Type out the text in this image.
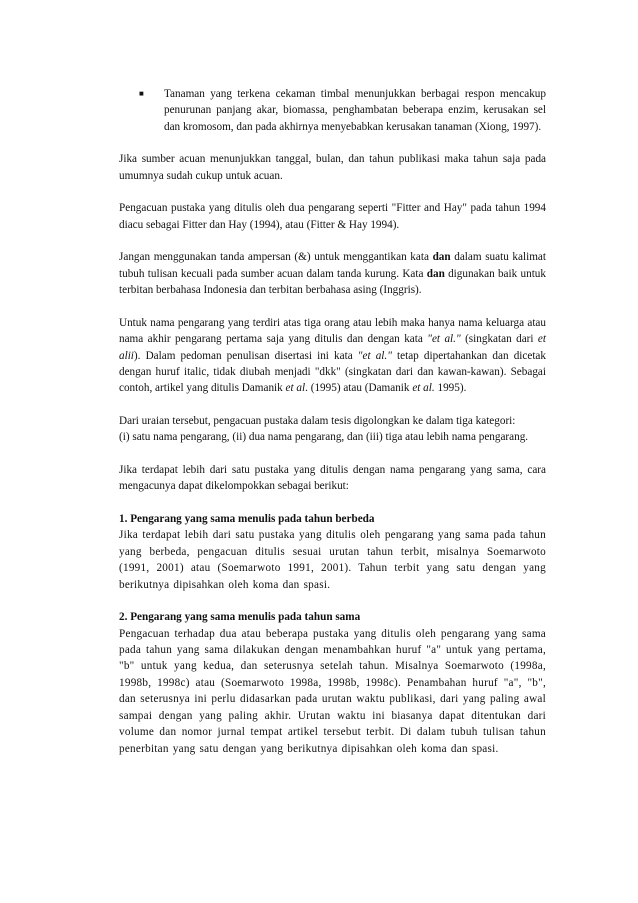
■	Tanaman yang terkena cekaman timbal menunjukkan berbagai respon mencakup penurunan panjang akar, biomassa, penghambatan beberapa enzim, kerusakan sel dan kromosom, dan pada akhirnya menyebabkan kerusakan tanaman (Xiong, 1997).

Jika sumber acuan menunjukkan tanggal, bulan, dan tahun publikasi maka tahun saja pada umumnya sudah cukup untuk acuan.

Pengacuan pustaka yang ditulis oleh dua pengarang seperti "Fitter and Hay" pada tahun 1994 diacu sebagai Fitter dan Hay (1994), atau (Fitter & Hay 1994).

Jangan menggunakan tanda ampersan (&) untuk menggantikan kata dan dalam suatu kalimat tubuh tulisan kecuali pada sumber acuan dalam tanda kurung. Kata dan digunakan baik untuk terbitan berbahasa Indonesia dan terbitan berbahasa asing (Inggris).

Untuk nama pengarang yang terdiri atas tiga orang atau lebih maka hanya nama keluarga atau nama akhir pengarang pertama saja yang ditulis dan dengan kata "et al." (singkatan dari et alii). Dalam pedoman penulisan disertasi ini kata "et al." tetap dipertahankan dan dicetak dengan huruf italic, tidak diubah menjadi "dkk" (singkatan dari dan kawan-kawan). Sebagai contoh, artikel yang ditulis Damanik et al. (1995) atau (Damanik et al. 1995).

Dari uraian tersebut, pengacuan pustaka dalam tesis digolongkan ke dalam tiga kategori:
(i) satu nama pengarang, (ii) dua nama pengarang, dan (iii) tiga atau lebih nama pengarang.

Jika terdapat lebih dari satu pustaka yang ditulis dengan nama pengarang yang sama, cara mengacunya dapat dikelompokkan sebagai berikut:

1. Pengarang yang sama menulis pada tahun berbeda

Jika terdapat lebih dari satu pustaka yang ditulis oleh pengarang yang sama pada tahun yang berbeda, pengacuan ditulis sesuai urutan tahun terbit, misalnya Soemarwoto (1991, 2001) atau (Soemarwoto 1991, 2001). Tahun terbit yang satu dengan yang berikutnya dipisahkan oleh koma dan spasi.

2. Pengarang yang sama menulis pada tahun sama

Pengacuan terhadap dua atau beberapa pustaka yang ditulis oleh pengarang yang sama pada tahun yang sama dilakukan dengan menambahkan huruf "a" untuk yang pertama, "b" untuk yang kedua, dan seterusnya setelah tahun. Misalnya Soemarwoto (1998a, 1998b, 1998c) atau (Soemarwoto 1998a, 1998b, 1998c). Penambahan huruf "a", "b", dan seterusnya ini perlu didasarkan pada urutan waktu publikasi, dari yang paling awal sampai dengan yang paling akhir. Urutan waktu ini biasanya dapat ditentukan dari volume dan nomor jurnal tempat artikel tersebut terbit. Di dalam tubuh tulisan tahun penerbitan yang satu dengan yang berikutnya dipisahkan oleh koma dan spasi.
